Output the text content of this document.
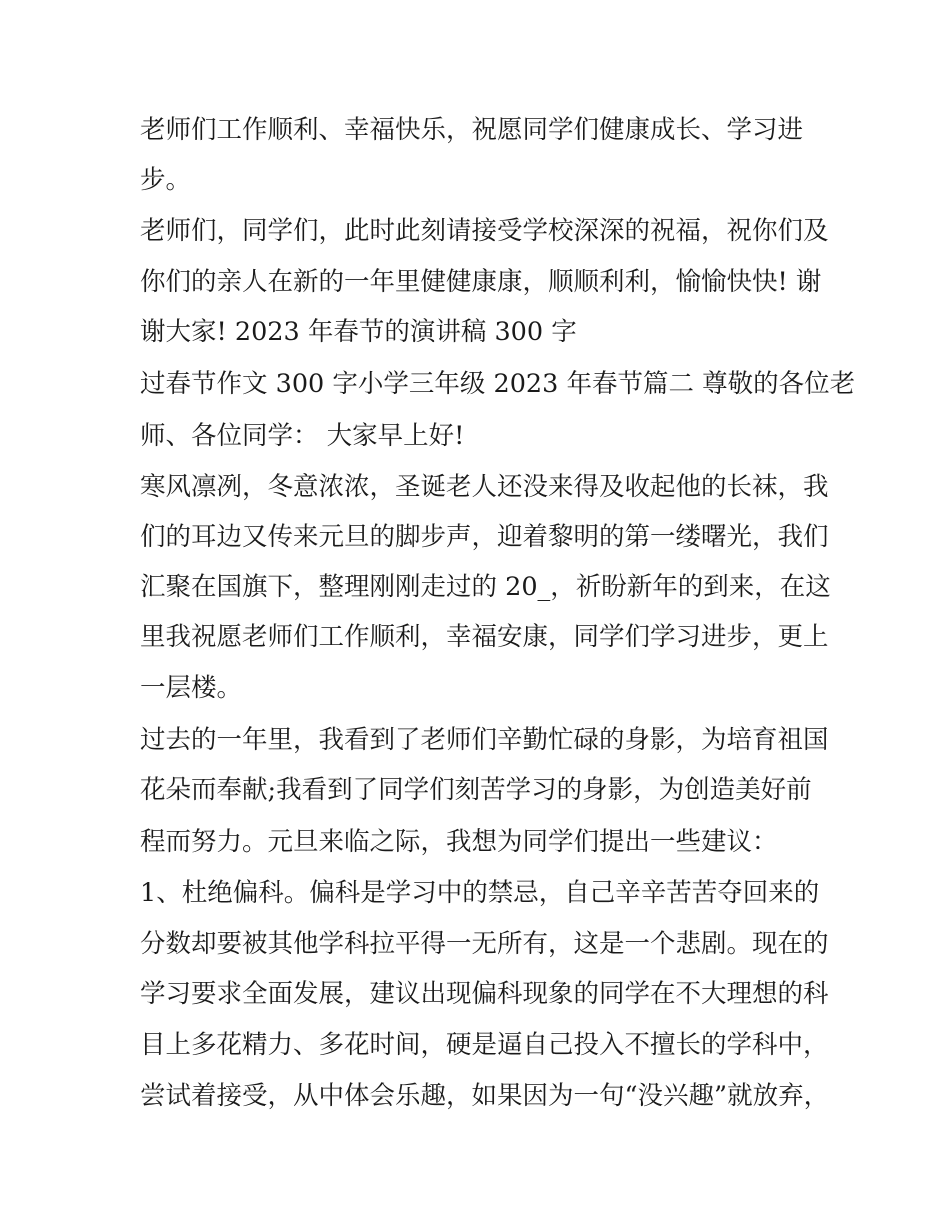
老师们工作顺利、幸福快乐，祝愿同学们健康成长、学习进
步。
老师们，同学们，此时此刻请接受学校深深的祝福，祝你们及
你们的亲人在新的一年里健健康康，顺顺利利，愉愉快快! 谢
谢大家! 2023 年春节的演讲稿 300 字
过春节作文 300 字小学三年级 2023 年春节篇二 尊敬的各位老
师、各位同学： 大家早上好!
寒风凛冽，冬意浓浓，圣诞老人还没来得及收起他的长袜，我
们的耳边又传来元旦的脚步声，迎着黎明的第一缕曙光，我们
汇聚在国旗下，整理刚刚走过的 20_，祈盼新年的到来，在这
里我祝愿老师们工作顺利，幸福安康，同学们学习进步，更上
一层楼。
过去的一年里，我看到了老师们辛勤忙碌的身影，为培育祖国
花朵而奉献;我看到了同学们刻苦学习的身影，为创造美好前
程而努力。元旦来临之际，我想为同学们提出一些建议：
1、杜绝偏科。偏科是学习中的禁忌，自己辛辛苦苦夺回来的
分数却要被其他学科拉平得一无所有，这是一个悲剧。现在的
学习要求全面发展，建议出现偏科现象的同学在不大理想的科
目上多花精力、多花时间，硬是逼自己投入不擅长的学科中，
尝试着接受，从中体会乐趣，如果因为一句“没兴趣”就放弃，
